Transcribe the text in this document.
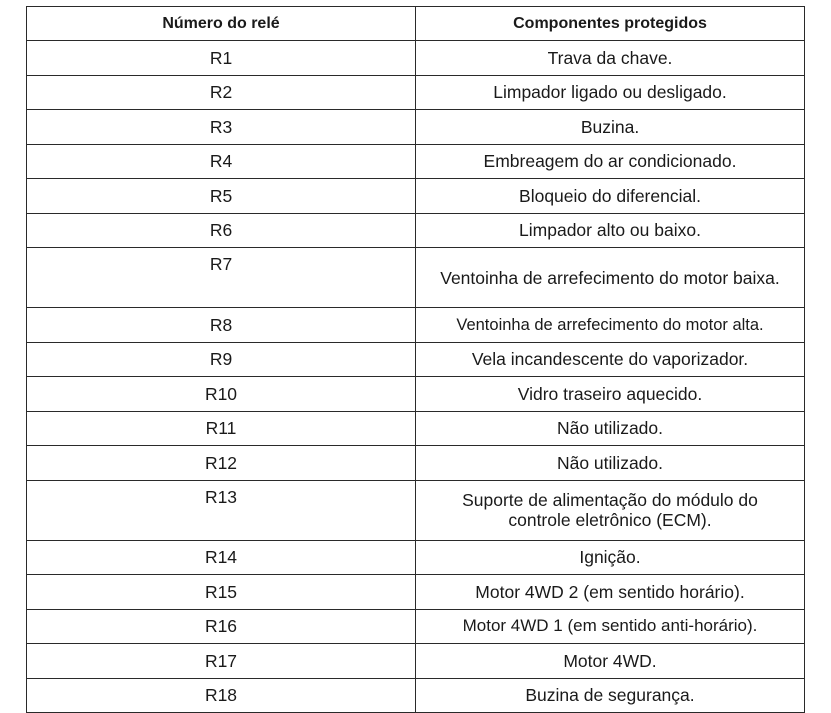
Número do relé	Componentes protegidos
R1	Trava da chave.
R2	Limpador ligado ou desligado.
R3	Buzina.
R4	Embreagem do ar condicionado.
R5	Bloqueio do diferencial.
R6	Limpador alto ou baixo.
R7	Ventoinha de arrefecimento do motor baixa.
R8	Ventoinha de arrefecimento do motor alta.
R9	Vela incandescente do vaporizador.
R10	Vidro traseiro aquecido.
R11	Não utilizado.
R12	Não utilizado.
R13	Suporte de alimentação do módulo do controle eletrônico (ECM).
R14	Ignição.
R15	Motor 4WD 2 (em sentido horário).
R16	Motor 4WD 1 (em sentido anti-horário).
R17	Motor 4WD.
R18	Buzina de segurança.
